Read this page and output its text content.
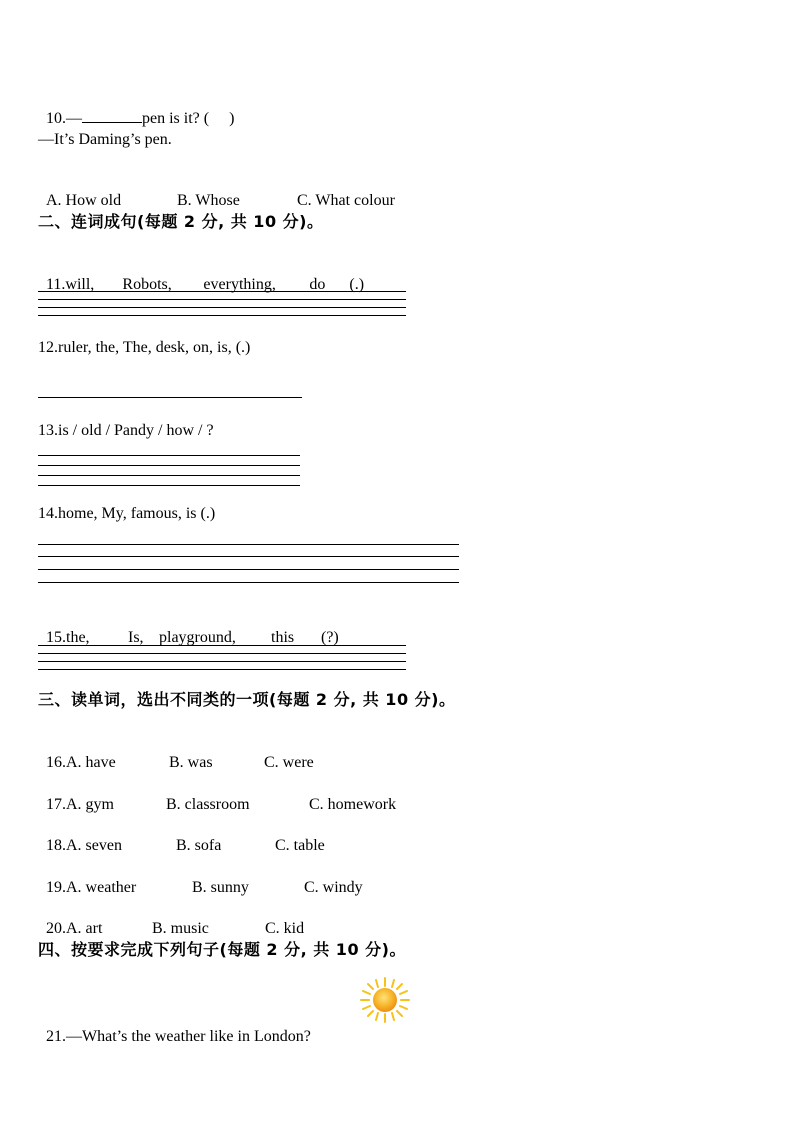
10.—	pen is it? (     )

—It’s Daming’s pen.

A. How old	B. Whose	C. What colour

二、连词成句(每题 2 分, 共 10 分)。

11.will, Robots, everything, do (.)

12.ruler, the, The, desk, on, is, (.)
13.is / old / Pandy / how / ?
14.home, My, famous, is (.)

15.the, Is, playground, this (?)

三、读单词，选出不同类的一项(每题 2 分, 共 10 分)。

16.A. have	B. was	C. were

17.A. gym	B. classroom	C. homework

18.A. seven	B. sofa	C. table

19.A. weather	B. sunny	C. windy

20.A. art	B. music	C. kid

四、按要求完成下列句子(每题 2 分, 共 10 分)。

21.—What’s the weather like in London?
